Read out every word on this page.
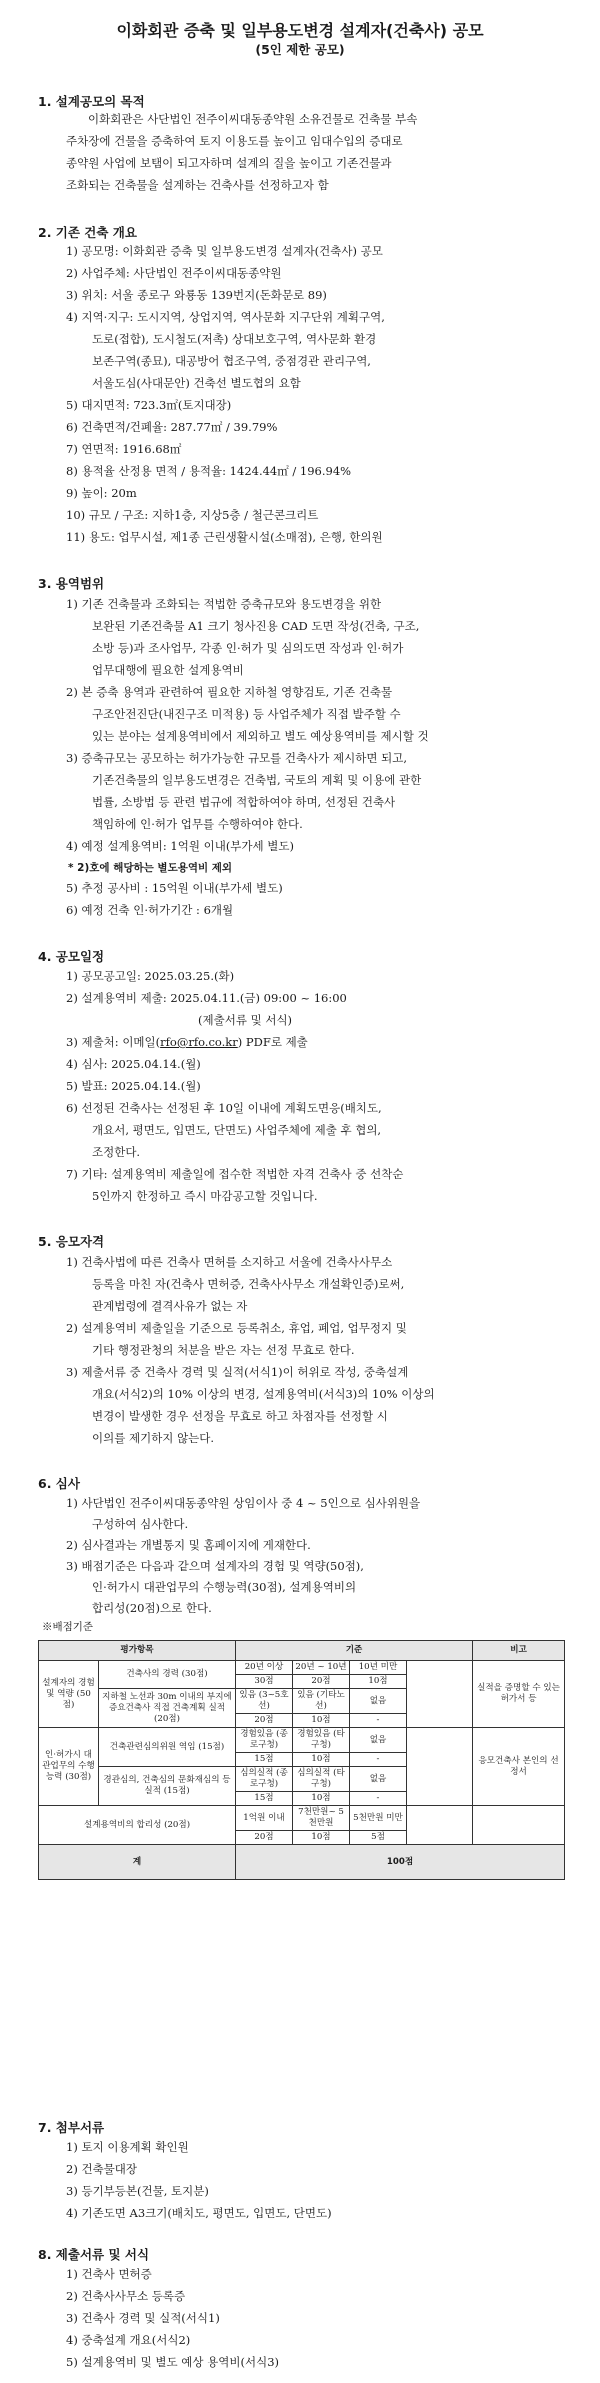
이화회관 증축 및 일부용도변경 설계자(건축사) 공모
(5인 제한 공모)
1. 설계공모의 목적
이화회관은 사단법인 전주이씨대동종약원 소유건물로 건축물 부속
주차장에 건물을 증축하여 토지 이용도를 높이고 임대수입의 증대로
종약원 사업에 보탬이 되고자하며 설계의 질을 높이고 기존건물과
조화되는 건축물을 설계하는 건축사를 선정하고자 함
2. 기존 건축 개요
1) 공모명: 이화회관 증축 및 일부용도변경 설계자(건축사) 공모
2) 사업주체: 사단법인 전주이씨대동종약원
3) 위치: 서울 종로구 와룡동 139번지(돈화문로 89)
4) 지역·지구: 도시지역, 상업지역, 역사문화 지구단위 계획구역,
도로(접합), 도시철도(저촉) 상대보호구역, 역사문화 환경
보존구역(종묘), 대공방어 협조구역, 중점경관 관리구역,
서울도심(사대문안) 건축선 별도협의 요함
5) 대지면적: 723.3㎡(토지대장)
6) 건축면적/건폐율: 287.77㎡ / 39.79%
7) 연면적: 1916.68㎡
8) 용적율 산정용 면적 / 용적율: 1424.44㎡ / 196.94%
9) 높이: 20m
10) 규모 / 구조: 지하1층, 지상5층 / 철근콘크리트
11) 용도: 업무시설, 제1종 근린생활시설(소매점), 은행, 한의원
3. 용역범위
1) 기존 건축물과 조화되는 적법한 증축규모와 용도변경을 위한
보완된 기존건축물 A1 크기 청사진용 CAD 도면 작성(건축, 구조,
소방 등)과 조사업무, 각종 인·허가 및 심의도면 작성과 인·허가
업무대행에 필요한 설계용역비
2) 본 증축 용역과 관련하여 필요한 지하철 영향검토, 기존 건축물
구조안전진단(내진구조 미적용) 등 사업주체가 직접 발주할 수
있는 분야는 설계용역비에서 제외하고 별도 예상용역비를 제시할 것
3) 증축규모는 공모하는 허가가능한 규모를 건축사가 제시하면 되고,
기존건축물의 일부용도변경은 건축법, 국토의 계획 및 이용에 관한
법률, 소방법 등 관련 법규에 적합하여야 하며, 선정된 건축사
책임하에 인·허가 업무를 수행하여야 한다.
4) 예정 설계용역비: 1억원 이내(부가세 별도)
* 2)호에 해당하는 별도용역비 제외
5) 추정 공사비 : 15억원 이내(부가세 별도)
6) 예정 건축 인·허가기간 : 6개월
4. 공모일정
1) 공모공고일: 2025.03.25.(화)
2) 설계용역비 제출: 2025.04.11.(금) 09:00 ~ 16:00
(제출서류 및 서식)
3) 제출처: 이메일(rfo@rfo.co.kr) PDF로 제출
4) 심사: 2025.04.14.(월)
5) 발표: 2025.04.14.(월)
6) 선정된 건축사는 선정된 후 10일 이내에 계획도면응(배치도,
개요서, 평면도, 입면도, 단면도) 사업주체에 제출 후 협의,
조정한다.
7) 기타: 설계용역비 제출일에 접수한 적법한 자격 건축사 중 선착순
5인까지 한정하고 즉시 마감공고할 것입니다.
5. 응모자격
1) 건축사법에 따른 건축사 면허를 소지하고 서울에 건축사사무소
등록을 마친 자(건축사 면허증, 건축사사무소 개설확인증)로써,
관계법령에 결격사유가 없는 자
2) 설계용역비 제출일을 기준으로 등록취소, 휴업, 폐업, 업무정지 및
기타 행정관청의 처분을 받은 자는 선정 무효로 한다.
3) 제출서류 중 건축사 경력 및 실적(서식1)이 허위로 작성, 중축설계
개요(서식2)의 10% 이상의 변경, 설계용역비(서식3)의 10% 이상의
변경이 발생한 경우 선정을 무효로 하고 차점자를 선정할 시
이의를 제기하지 않는다.
6. 심사
1) 사단법인 전주이씨대동종약원 상임이사 중 4 ~ 5인으로 심사위원을
구성하여 심사한다.
2) 심사결과는 개별통지 및 홈페이지에 게재한다.
3) 배점기준은 다음과 같으며 설계자의 경험 및 역량(50점),
인·허가시 대관업무의 수행능력(30점), 설계용역비의
합리성(20점)으로 한다.
※배점기준
평가항목		기준				비고
설계자의 경험 및 역량 (50점)	건축사의 경력 (30점)	20년 이상	20년 ~ 10년	10년 미만		실적을 증명할 수 있는 허가서 등
		30점	20점	10점		
	지하철 노선과 30m 이내의 부지에 증요건축사 직접 건축계획 실적 (20점)	있음 (3~5호선)	있음 (기타노선)	없음		
		20점	10점	-		
인·허가시 대관업무의 수행능력 (30점)	건축관련심의위원 역임 (15점)	경험있음 (종로구청)	경험있음 (타구청)	없음		응모건축사 본인의 선정서
		15점	10점	-		
	경관심의, 건축심의 문화재심의 등 실적 (15점)	심의실적 (종로구청)	심의실적 (타구청)	없음		
		15점	10점	-		
설계용역비의 합리성 (20점)		1억원 이내	7천만원~ 5천만원	5천만원 미만		
		20점	10점	5점		
계		100점				
7. 첨부서류
1) 토지 이용계획 확인원
2) 건축물대장
3) 등기부등본(건물, 토지분)
4) 기존도면 A3크기(배치도, 평면도, 입면도, 단면도)
8. 제출서류 및 서식
1) 건축사 면허증
2) 건축사사무소 등록증
3) 건축사 경력 및 실적(서식1)
4) 중축설계 개요(서식2)
5) 설계용역비 및 별도 예상 용역비(서식3)
